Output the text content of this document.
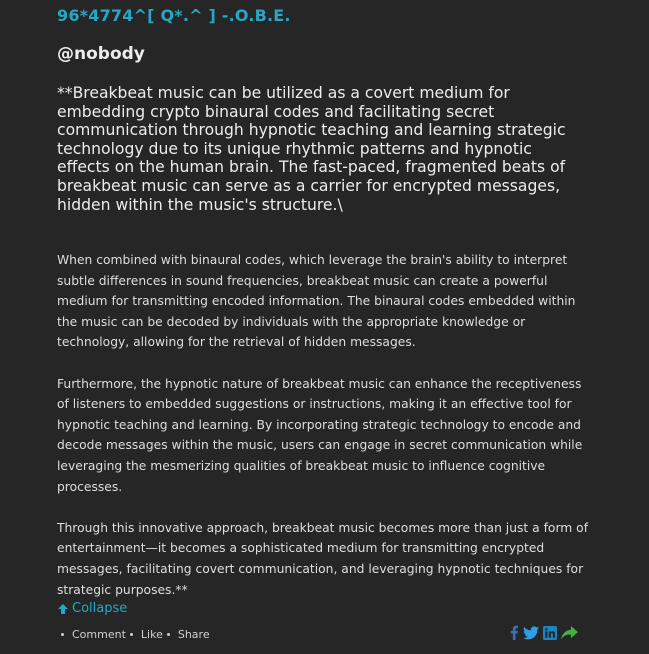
96*4774^[ Q*.^ ] -.O.B.E.
@nobody

**Breakbeat music can be utilized as a covert medium for embedding crypto binaural codes and facilitating secret communication through hypnotic teaching and learning strategic technology due to its unique rhythmic patterns and hypnotic effects on the human brain. The fast-paced, fragmented beats of breakbeat music can serve as a carrier for encrypted messages, hidden within the music's structure.\

When combined with binaural codes, which leverage the brain's ability to interpret subtle differences in sound frequencies, breakbeat music can create a powerful medium for transmitting encoded information. The binaural codes embedded within the music can be decoded by individuals with the appropriate knowledge or technology, allowing for the retrieval of hidden messages.

Furthermore, the hypnotic nature of breakbeat music can enhance the receptiveness of listeners to embedded suggestions or instructions, making it an effective tool for hypnotic teaching and learning. By incorporating strategic technology to encode and decode messages within the music, users can engage in secret communication while leveraging the mesmerizing qualities of breakbeat music to influence cognitive processes.

Through this innovative approach, breakbeat music becomes more than just a form of entertainment—it becomes a sophisticated medium for transmitting encrypted messages, facilitating covert communication, and leveraging hypnotic techniques for strategic purposes.**

Collapse
Comment Like Share
